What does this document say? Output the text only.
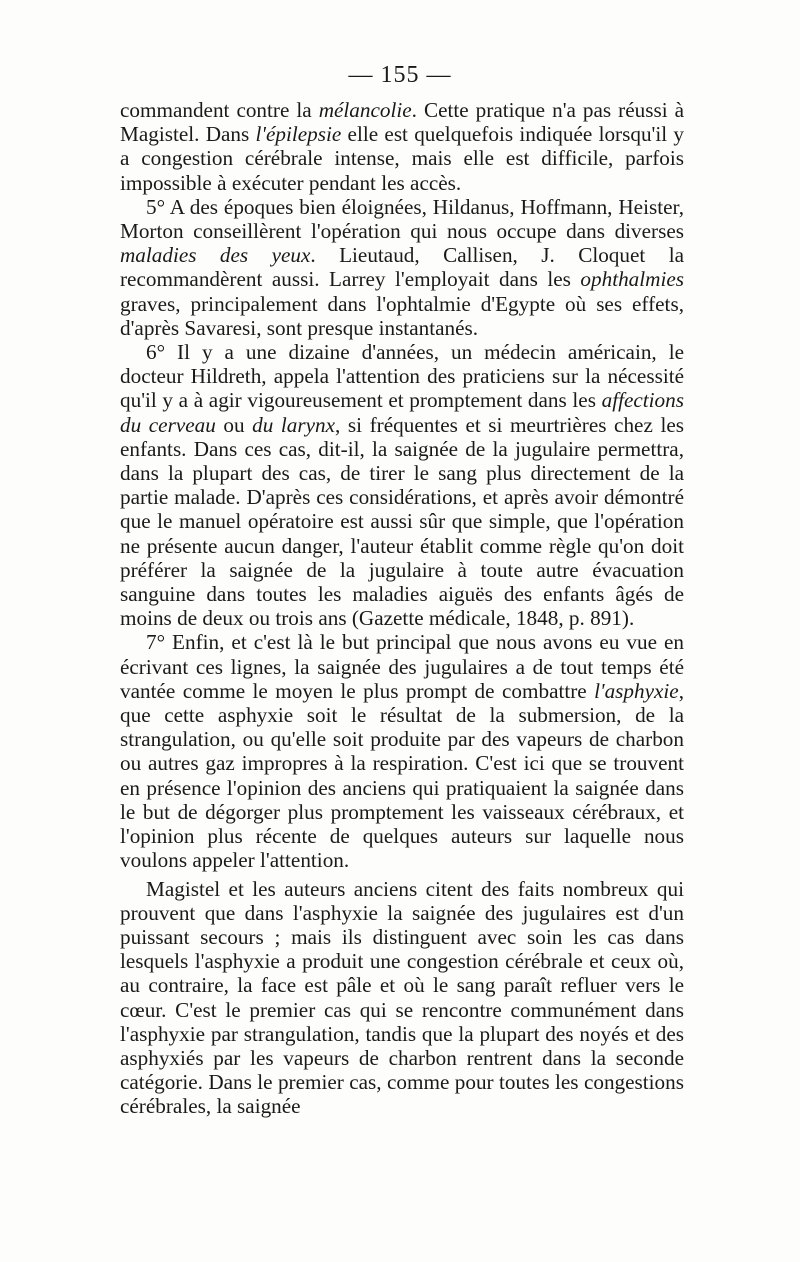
— 155 —

commandent contre la mélancolie. Cette pratique n'a pas réussi à Magistel. Dans l'épilepsie elle est quelquefois indiquée lorsqu'il y a congestion cérébrale intense, mais elle est difficile, parfois impossible à exécuter pendant les accès.

5° A des époques bien éloignées, Hildanus, Hoffmann, Heister, Morton conseillèrent l'opération qui nous occupe dans diverses maladies des yeux. Lieutaud, Callisen, J. Cloquet la recommandèrent aussi. Larrey l'employait dans les ophthalmies graves, principalement dans l'ophtalmie d'Egypte où ses effets, d'après Savaresi, sont presque instantanés.

6° Il y a une dizaine d'années, un médecin américain, le docteur Hildreth, appela l'attention des praticiens sur la nécessité qu'il y a à agir vigoureusement et promptement dans les affections du cerveau ou du larynx, si fréquentes et si meurtrières chez les enfants. Dans ces cas, dit-il, la saignée de la jugulaire permettra, dans la plupart des cas, de tirer le sang plus directement de la partie malade. D'après ces considérations, et après avoir démontré que le manuel opératoire est aussi sûr que simple, que l'opération ne présente aucun danger, l'auteur établit comme règle qu'on doit préférer la saignée de la jugulaire à toute autre évacuation sanguine dans toutes les maladies aiguës des enfants âgés de moins de deux ou trois ans (Gazette médicale, 1848, p. 891).

7° Enfin, et c'est là le but principal que nous avons eu vue en écrivant ces lignes, la saignée des jugulaires a de tout temps été vantée comme le moyen le plus prompt de combattre l'asphyxie, que cette asphyxie soit le résultat de la submersion, de la strangulation, ou qu'elle soit produite par des vapeurs de charbon ou autres gaz impropres à la respiration. C'est ici que se trouvent en présence l'opinion des anciens qui pratiquaient la saignée dans le but de dégorger plus promptement les vaisseaux cérébraux, et l'opinion plus récente de quelques auteurs sur laquelle nous voulons appeler l'attention.

Magistel et les auteurs anciens citent des faits nombreux qui prouvent que dans l'asphyxie la saignée des jugulaires est d'un puissant secours ; mais ils distinguent avec soin les cas dans lesquels l'asphyxie a produit une congestion cérébrale et ceux où, au contraire, la face est pâle et où le sang paraît refluer vers le cœur. C'est le premier cas qui se rencontre communément dans l'asphyxie par strangulation, tandis que la plupart des noyés et des asphyxiés par les vapeurs de charbon rentrent dans la seconde catégorie. Dans le premier cas, comme pour toutes les congestions cérébrales, la saignée
